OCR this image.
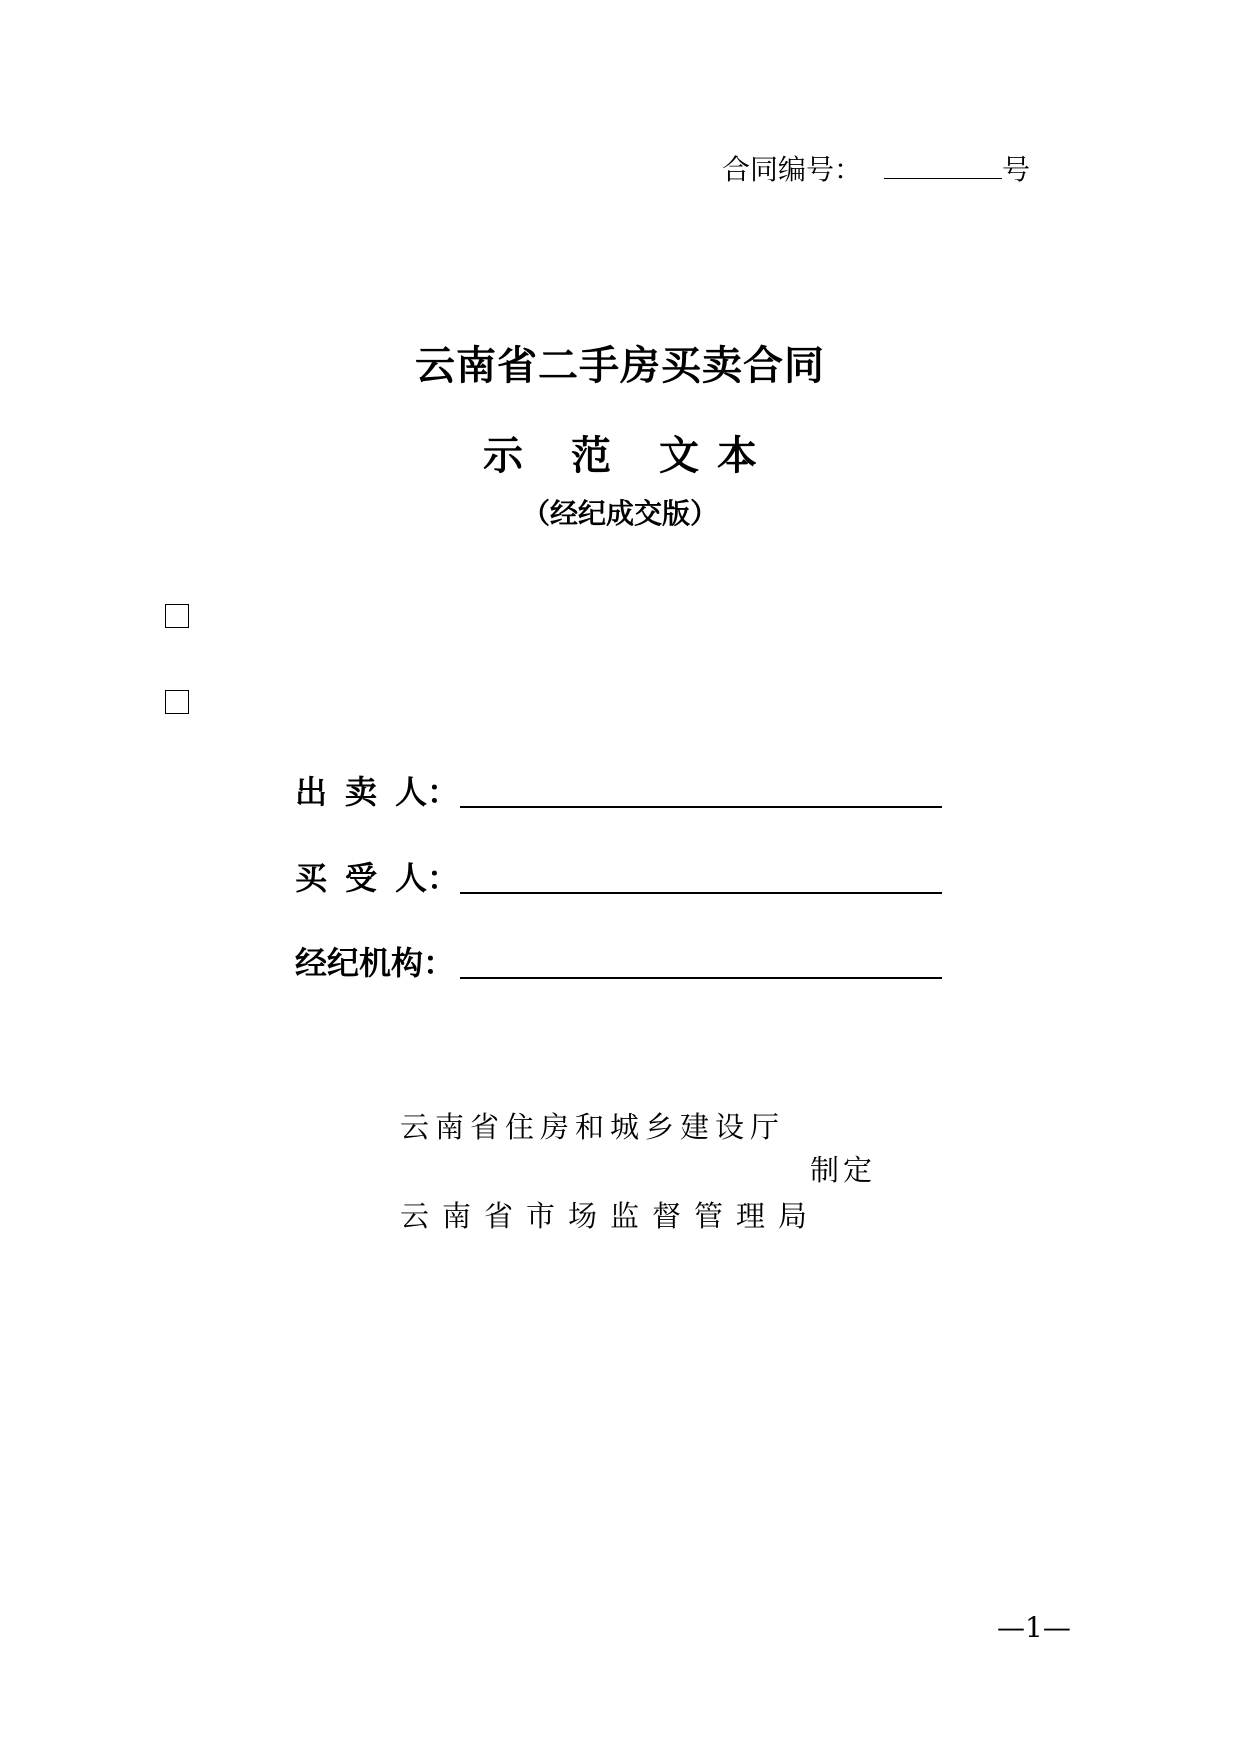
合同编号：	号
云南省二手房买卖合同
示 范 文 本
（经纪成交版）
出 卖 人：
买 受 人：
经纪机构：
云南省住房和城乡建设厅
制定
云南省市场监督管理局
—1—
